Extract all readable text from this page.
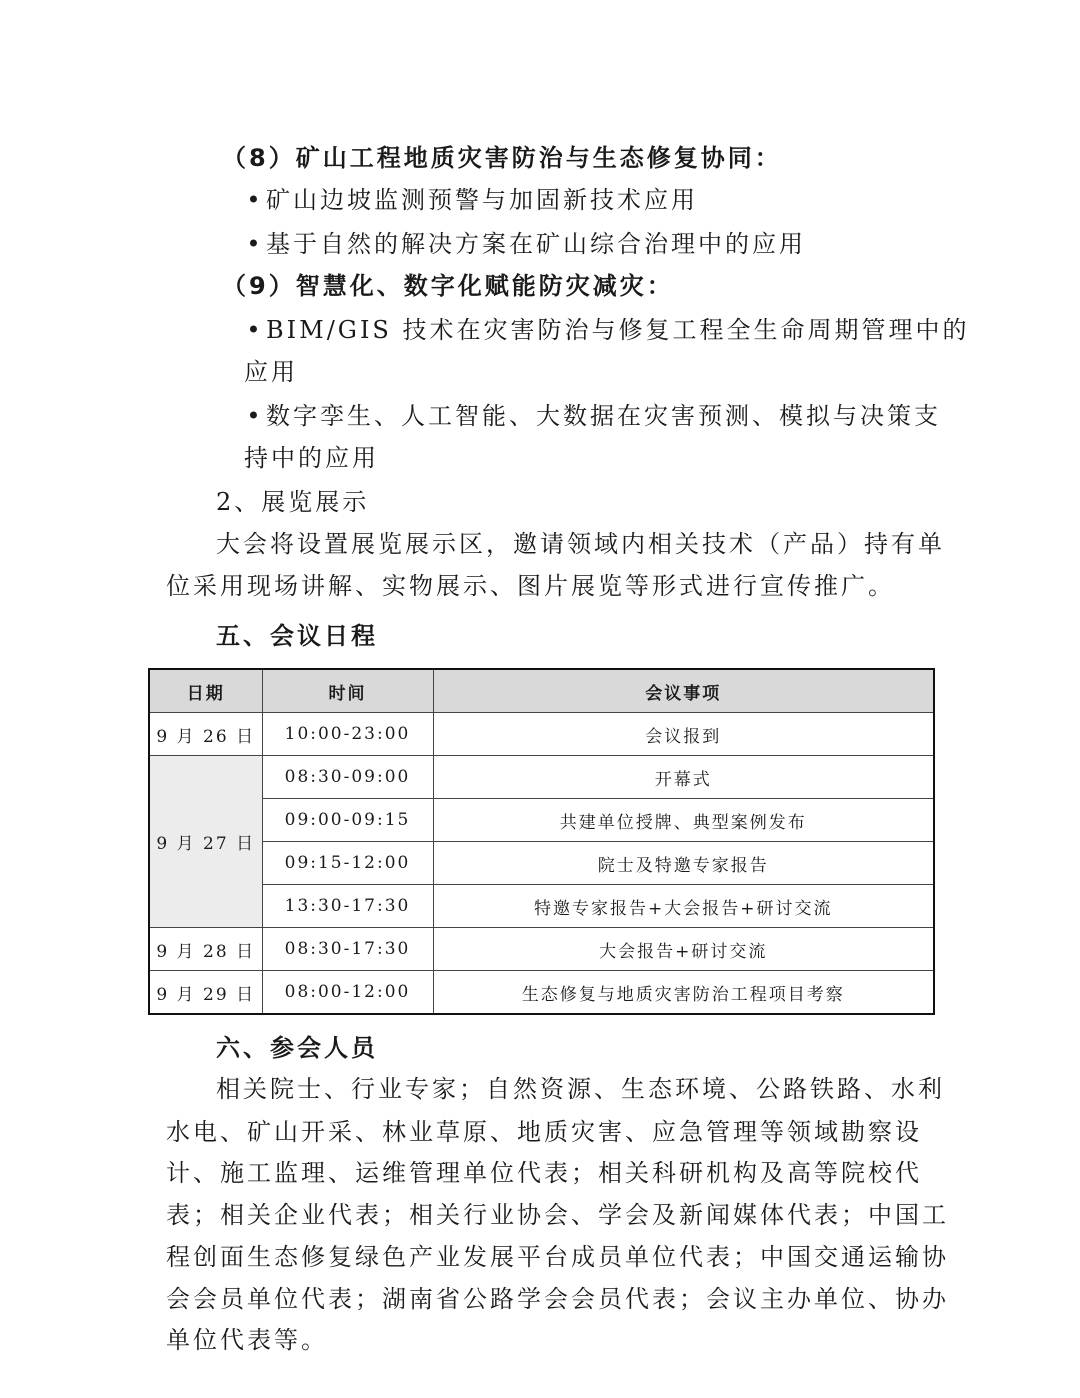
（8）矿山工程地质灾害防治与生态修复协同：
• 矿山边坡监测预警与加固新技术应用
• 基于自然的解决方案在矿山综合治理中的应用
（9）智慧化、数字化赋能防灾减灾：
• BIM/GIS 技术在灾害防治与修复工程全生命周期管理中的
应用
• 数字孪生、人工智能、大数据在灾害预测、模拟与决策支
持中的应用
2、展览展示
大会将设置展览展示区，邀请领域内相关技术（产品）持有单
位采用现场讲解、实物展示、图片展览等形式进行宣传推广。
五、会议日程
日期	时间	会议事项
9 月 26 日	10:00-23:00	会议报到
9 月 27 日	08:30-09:00	开幕式
	09:00-09:15	共建单位授牌、典型案例发布
	09:15-12:00	院士及特邀专家报告
	13:30-17:30	特邀专家报告+大会报告+研讨交流
9 月 28 日	08:30-17:30	大会报告+研讨交流
9 月 29 日	08:00-12:00	生态修复与地质灾害防治工程项目考察
六、参会人员
相关院士、行业专家；自然资源、生态环境、公路铁路、水利
水电、矿山开采、林业草原、地质灾害、应急管理等领域勘察设
计、施工监理、运维管理单位代表；相关科研机构及高等院校代
表；相关企业代表；相关行业协会、学会及新闻媒体代表；中国工
程创面生态修复绿色产业发展平台成员单位代表；中国交通运输协
会会员单位代表；湖南省公路学会会员代表；会议主办单位、协办
单位代表等。
